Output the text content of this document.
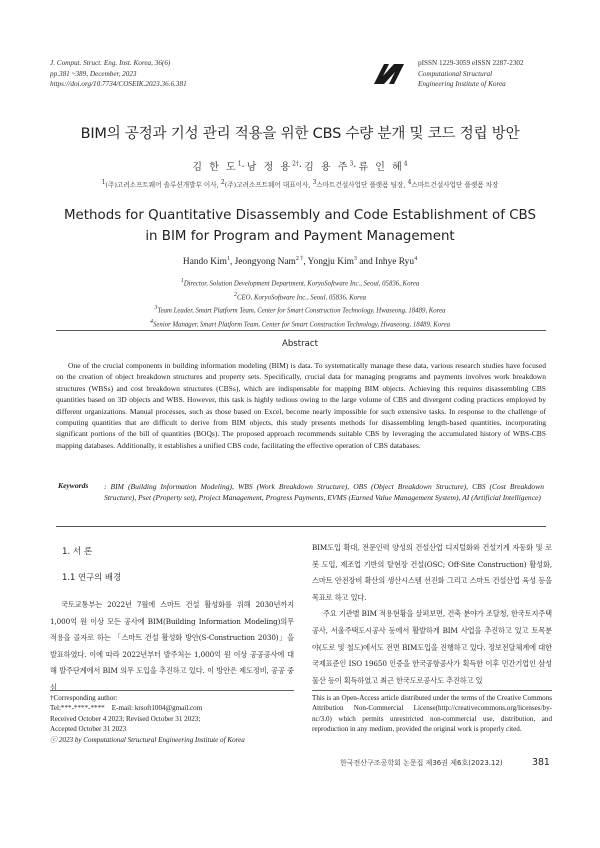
J. Comput. Struct. Eng. Inst. Korea, 36(6)
pp.381 ~389, December, 2023
https://doi.org/10.7734/COSEIK.2023.36.6.381
pISSN 1229-3059 eISSN 2287-2302
Computational Structural
Engineering Institute of Korea
BIM의 공정과 기성 관리 적용을 위한 CBS 수량 분개 및 코드 정립 방안
김 한 도$^1$·남 정 용$^{2\dagger}$·김 용 주$^3$·류 인 혜$^4$
$^1$(주)고려소프트웨어 솔루션개발부 이사, $^2$(주)고려소프트웨어 대표이사, $^3$스마트건설사업단 플랫폼 팀장, $^4$스마트건설사업단 플랫폼 차장
Methods for Quantitative Disassembly and Code Establishment of CBS
in BIM for Program and Payment Management
Hando Kim$^1$, Jeongyong Nam$^{2 \dagger}$, Yongju Kim$^3$ and Inhye Ryu$^4$
$^1$Director, Solution Development Department, KoryoSoftware Inc., Seoul, 05836, Korea
$^2$CEO, KoryoSoftware Inc., Seoul, 05836, Korea
$^3$Team Leader, Smart Platform Team, Center for Smart Construction Technology, Hwaseong, 18489, Korea
$^4$Senior Manager, Smart Platform Team, Center for Smart Construction Technology, Hwaseong, 18489, Korea
Abstract
One of the crucial components in building information modeling (BIM) is data. To systematically manage these data, various research studies have focused on the creation of object breakdown structures and property sets. Specifically, crucial data for managing programs and payments involves work breakdown structures (WBSs) and cost breakdown structures (CBSs), which are indispensable for mapping BIM objects. Achieving this requires disassembling CBS quantities based on 3D objects and WBS. However, this task is highly tedious owing to the large volume of CBS and divergent coding practices employed by different organizations. Manual processes, such as those based on Excel, become nearly impossible for such extensive tasks. In response to the challenge of computing quantities that are difficult to derive from BIM objects, this study presents methods for disassembling length-based quantities, incorporating significant portions of the bill of quantities (BOQs). The proposed approach recommends suitable CBS by leveraging the accumulated history of WBS-CBS mapping databases. Additionally, it establishes a unified CBS code, facilitating the effective operation of CBS databases.
Keywords : BIM (Building Information Modeling), WBS (Work Breakdown Structure), OBS (Object Breakdown Structure), CBS (Cost Breakdown Structure), Pset (Property set), Project Management, Progress Payments, EVMS (Earned Value Management System), AI (Artificial Intelligence)
1. 서 론
1.1 연구의 배경
국토교통부는 2022년 7월에 스마트 건설 활성화를 위해 2030년까지 1,000억 원 이상 모든 공사에 BIM(Building Information Modeling)의무 적용을 골자로 하는 「스마트 건설 활성화 방안(S-Construction 2030)」을 발표하였다. 이에 따라 2022년부터 발주처는 1,000억 원 이상 공공공사에 대해 발주단계에서 BIM 의무 도입을 추진하고 있다. 이 방안은 제도정비, 공공 중심

BIM도입 확대, 전문인력 양성의 건설산업 디지털화와 건설기계 자동화 및 로봇 도입, 제조업 기반의 탈현장 건설(OSC; Off-Site Construction) 활성화, 스마트 안전장비 확산의 생산시스템 선진화 그리고 스마트 건설산업 육성 등을 목표로 하고 있다.

주요 기관별 BIM 적용현황을 살펴보면, 건축 분야가 조달청, 한국토지주택공사, 서울주택도시공사 등에서 활발하게 BIM 사업을 추진하고 있고 토목분야(도로 및 철도)에서도 전면 BIM도입을 진행하고 있다. 정보전달체계에 대한 국제표준인 ISO 19650 인증을 한국공항공사가 획득한 이후 민간기업인 삼성물산 등이 획득하였고 최근 한국도로공사도 추진하고 있

†Corresponding author:
Tel:***-****-**** E-mail: krsoft1004@gmail.com
Received October 4 2023; Revised October 31 2023;
Accepted October 31 2023
ⓒ 2023 by Computational Structural Engineering Institute of Korea
This is an Open-Access article distributed under the terms of the Creative Commons Attribution Non-Commercial License(http://creativecommons.org/licenses/by-nc/3.0) which permits unrestricted non-commercial use, distribution, and reproduction in any medium, provided the original work is properly cited.
한국전산구조공학회 논문집 제36권 제6호(2023.12)	381
